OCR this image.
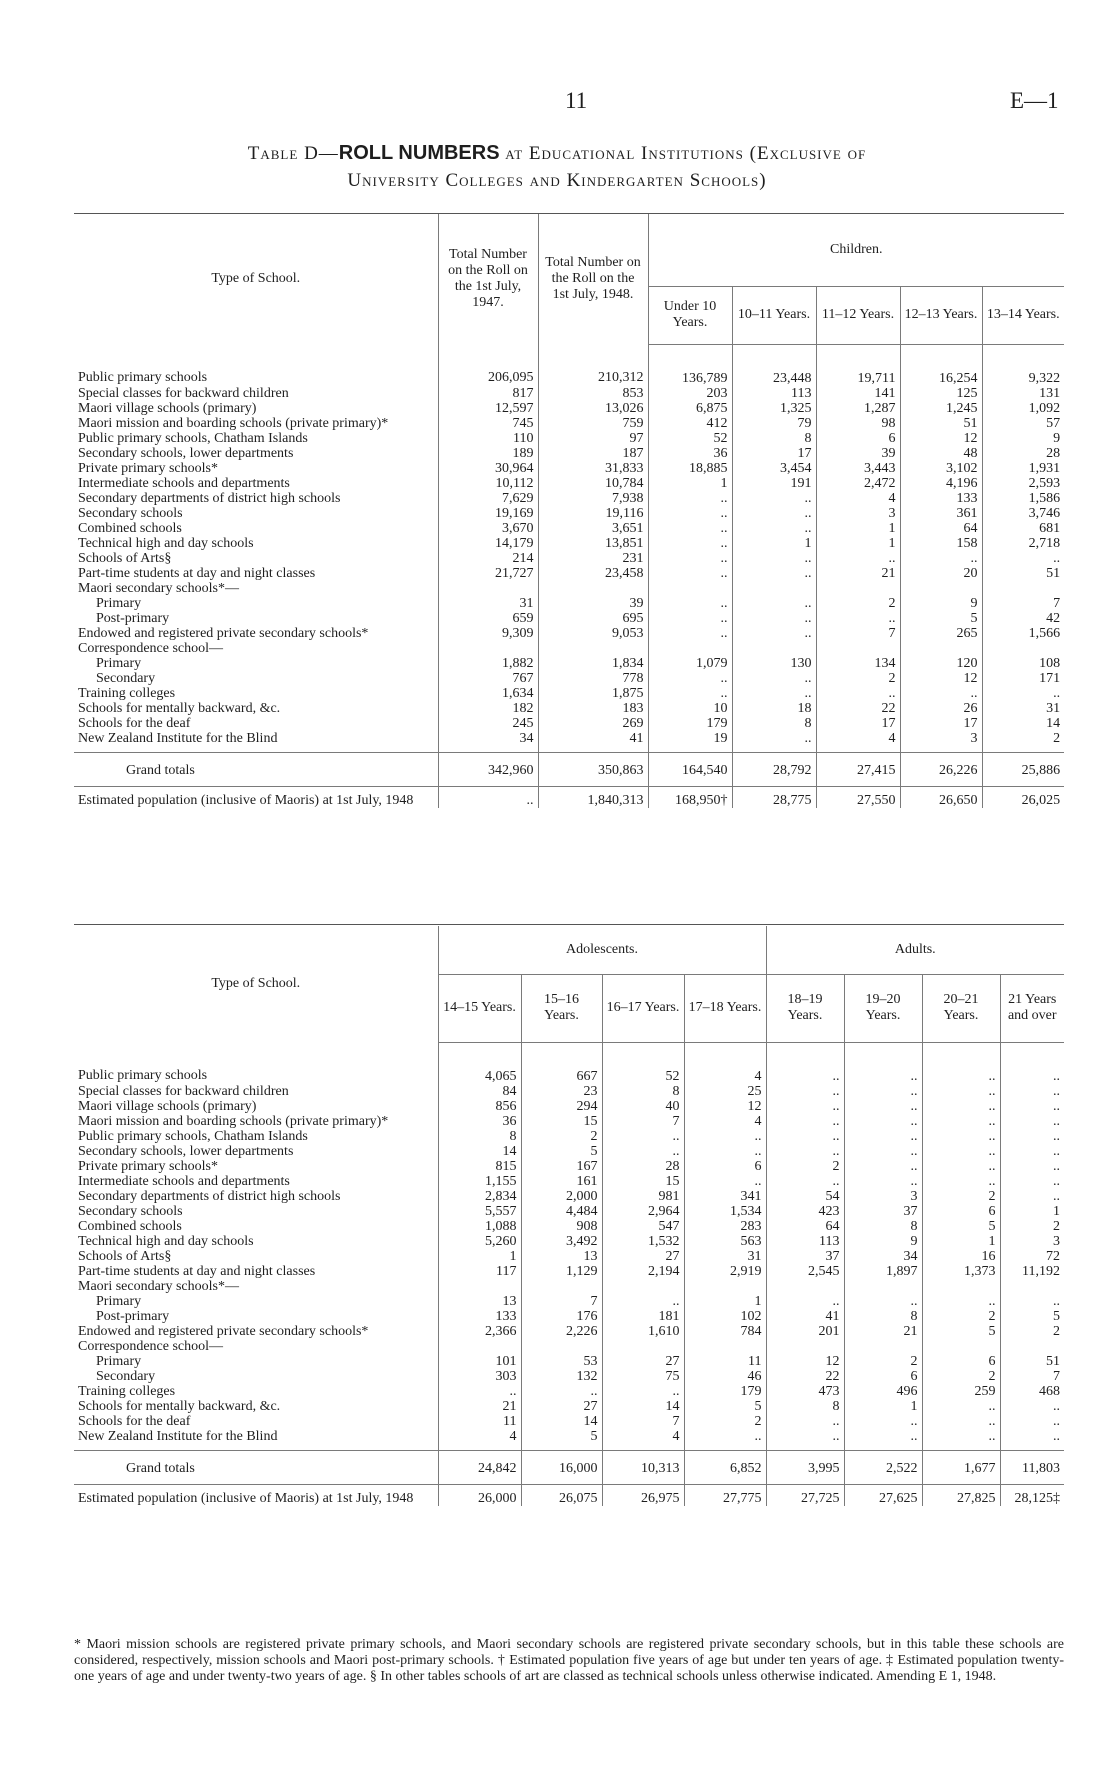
11	E—1
Table D—ROLL NUMBERS at Educational Institutions (Exclusive of
University Colleges and Kindergarten Schools)
Type of School.	Total Number on the Roll on the 1st July, 1947.	Total Number on the Roll on the 1st July, 1948.	Children.				
			Under 10 Years.	10–11 Years.	11–12 Years.	12–13 Years.	13–14 Years.
Public primary schools	206,095	210,312	136,789	23,448	19,711	16,254	9,322
Special classes for backward children	817	853	203	113	141	125	131
Maori village schools (primary)	12,597	13,026	6,875	1,325	1,287	1,245	1,092
Maori mission and boarding schools (private primary)*	745	759	412	79	98	51	57
Public primary schools, Chatham Islands	110	97	52	8	6	12	9
Secondary schools, lower departments	189	187	36	17	39	48	28
Private primary schools*	30,964	31,833	18,885	3,454	3,443	3,102	1,931
Intermediate schools and departments	10,112	10,784	1	191	2,472	4,196	2,593
Secondary departments of district high schools	7,629	7,938	..	..	4	133	1,586
Secondary schools	19,169	19,116	..	..	3	361	3,746
Combined schools	3,670	3,651	..	..	1	64	681
Technical high and day schools	14,179	13,851	..	1	1	158	2,718
Schools of Arts§	214	231	..	..	..	..	..
Part-time students at day and night classes	21,727	23,458	..	..	21	20	51
Maori secondary schools*—							
Primary	31	39	..	..	2	9	7
Post-primary	659	695	..	..	..	5	42
Endowed and registered private secondary schools*	9,309	9,053	..	..	7	265	1,566
Correspondence school—							
Primary	1,882	1,834	1,079	130	134	120	108
Secondary	767	778	..	..	2	12	171
Training colleges	1,634	1,875	..	..	..	..	..
Schools for mentally backward, &c.	182	183	10	18	22	26	31
Schools for the deaf	245	269	179	8	17	17	14
New Zealand Institute for the Blind	34	41	19	..	4	3	2
Grand totals	342,960	350,863	164,540	28,792	27,415	26,226	25,886
Estimated population (inclusive of Maoris) at 1st July, 1948	..	1,840,313	168,950†	28,775	27,550	26,650	26,025
Type of School.	Adolescents.				Adults.			
	14–15 Years.	15–16 Years.	16–17 Years.	17–18 Years.	18–19 Years.	19–20 Years.	20–21 Years.	21 Years and over
Public primary schools	4,065	667	52	4	..	..	..	..
Special classes for backward children	84	23	8	25	..	..	..	..
Maori village schools (primary)	856	294	40	12	..	..	..	..
Maori mission and boarding schools (private primary)*	36	15	7	4	..	..	..	..
Public primary schools, Chatham Islands	8	2	..	..	..	..	..	..
Secondary schools, lower departments	14	5	..	..	..	..	..	..
Private primary schools*	815	167	28	6	2	..	..	..
Intermediate schools and departments	1,155	161	15	..	..	..	..	..
Secondary departments of district high schools	2,834	2,000	981	341	54	3	2	..
Secondary schools	5,557	4,484	2,964	1,534	423	37	6	1
Combined schools	1,088	908	547	283	64	8	5	2
Technical high and day schools	5,260	3,492	1,532	563	113	9	1	3
Schools of Arts§	1	13	27	31	37	34	16	72
Part-time students at day and night classes	117	1,129	2,194	2,919	2,545	1,897	1,373	11,192
Maori secondary schools*—								
Primary	13	7	..	1	..	..	..	..
Post-primary	133	176	181	102	41	8	2	5
Endowed and registered private secondary schools*	2,366	2,226	1,610	784	201	21	5	2
Correspondence school—								
Primary	101	53	27	11	12	2	6	51
Secondary	303	132	75	46	22	6	2	7
Training colleges	..	..	..	179	473	496	259	468
Schools for mentally backward, &c.	21	27	14	5	8	1	..	..
Schools for the deaf	11	14	7	2	..	..	..	..
New Zealand Institute for the Blind	4	5	4	..	..	..	..	..
Grand totals	24,842	16,000	10,313	6,852	3,995	2,522	1,677	11,803
Estimated population (inclusive of Maoris) at 1st July, 1948	26,000	26,075	26,975	27,775	27,725	27,625	27,825	28,125‡
* Maori mission schools are registered private primary schools, and Maori secondary schools are registered private secondary schools, but in this table these schools are considered, respectively, mission schools and Maori post-primary schools. † Estimated population five years of age but under ten years of age. ‡ Estimated population twenty-one years of age and under twenty-two years of age. § In other tables schools of art are classed as technical schools unless otherwise indicated. Amending E 1, 1948.
